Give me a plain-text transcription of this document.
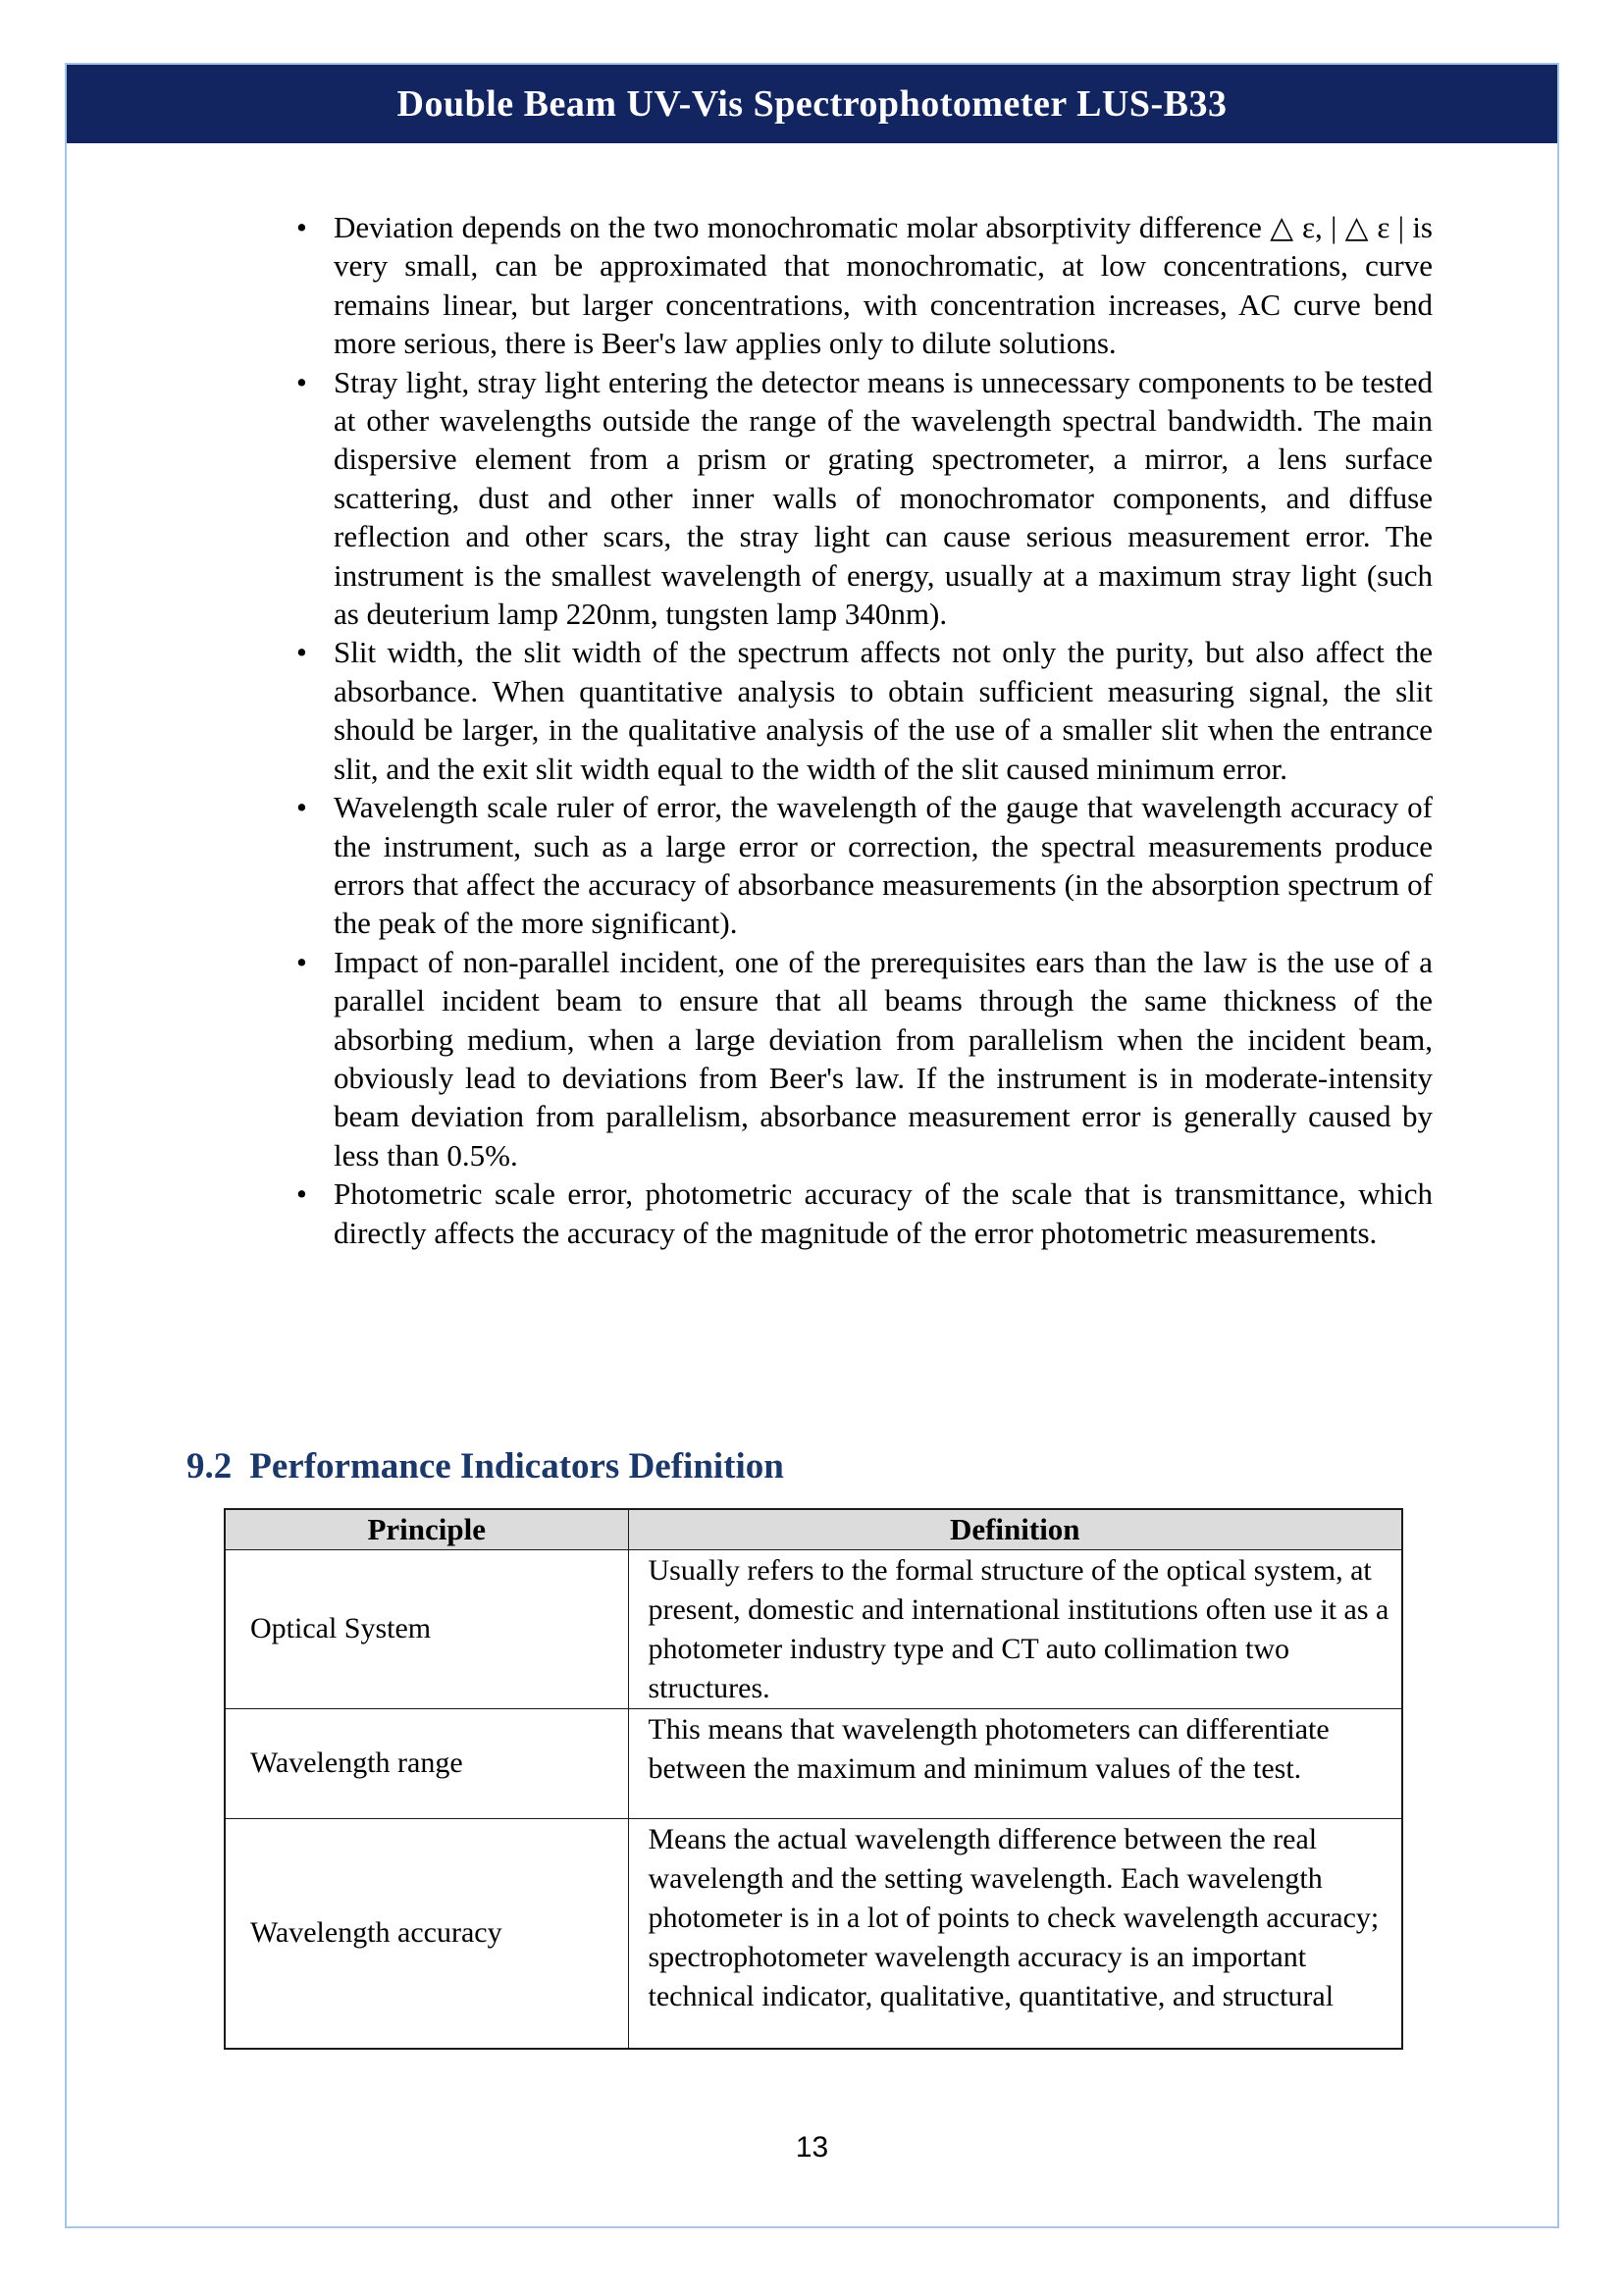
Double Beam UV-Vis Spectrophotometer LUS-B33
• Deviation depends on the two monochromatic molar absorptivity difference △ ε, | △ ε | is very small, can be approximated that monochromatic, at low concentrations, curve remains linear, but larger concentrations, with concentration increases, AC curve bend more serious, there is Beer's law applies only to dilute solutions.
• Stray light, stray light entering the detector means is unnecessary components to be tested at other wavelengths outside the range of the wavelength spectral bandwidth. The main dispersive element from a prism or grating spectrometer, a mirror, a lens surface scattering, dust and other inner walls of monochromator components, and diffuse reflection and other scars, the stray light can cause serious measurement error. The instrument is the smallest wavelength of energy, usually at a maximum stray light (such as deuterium lamp 220nm, tungsten lamp 340nm).
• Slit width, the slit width of the spectrum affects not only the purity, but also affect the absorbance. When quantitative analysis to obtain sufficient measuring signal, the slit should be larger, in the qualitative analysis of the use of a smaller slit when the entrance slit, and the exit slit width equal to the width of the slit caused minimum error.
• Wavelength scale ruler of error, the wavelength of the gauge that wavelength accuracy of the instrument, such as a large error or correction, the spectral measurements produce errors that affect the accuracy of absorbance measurements (in the absorption spectrum of the peak of the more significant).
• Impact of non-parallel incident, one of the prerequisites ears than the law is the use of a parallel incident beam to ensure that all beams through the same thickness of the absorbing medium, when a large deviation from parallelism when the incident beam, obviously lead to deviations from Beer's law. If the instrument is in moderate-intensity beam deviation from parallelism, absorbance measurement error is generally caused by less than 0.5%.
• Photometric scale error, photometric accuracy of the scale that is transmittance, which directly affects the accuracy of the magnitude of the error photometric measurements.
9.2 Performance Indicators Definition
Principle	Definition
Optical System	Usually refers to the formal structure of the optical system, at present, domestic and international institutions often use it as a photometer industry type and CT auto collimation two structures.
Wavelength range	This means that wavelength photometers can differentiate between the maximum and minimum values of the test.
Wavelength accuracy	Means the actual wavelength difference between the real wavelength and the setting wavelength. Each wavelength photometer is in a lot of points to check wavelength accuracy; spectrophotometer wavelength accuracy is an important technical indicator, qualitative, quantitative, and structural
13
